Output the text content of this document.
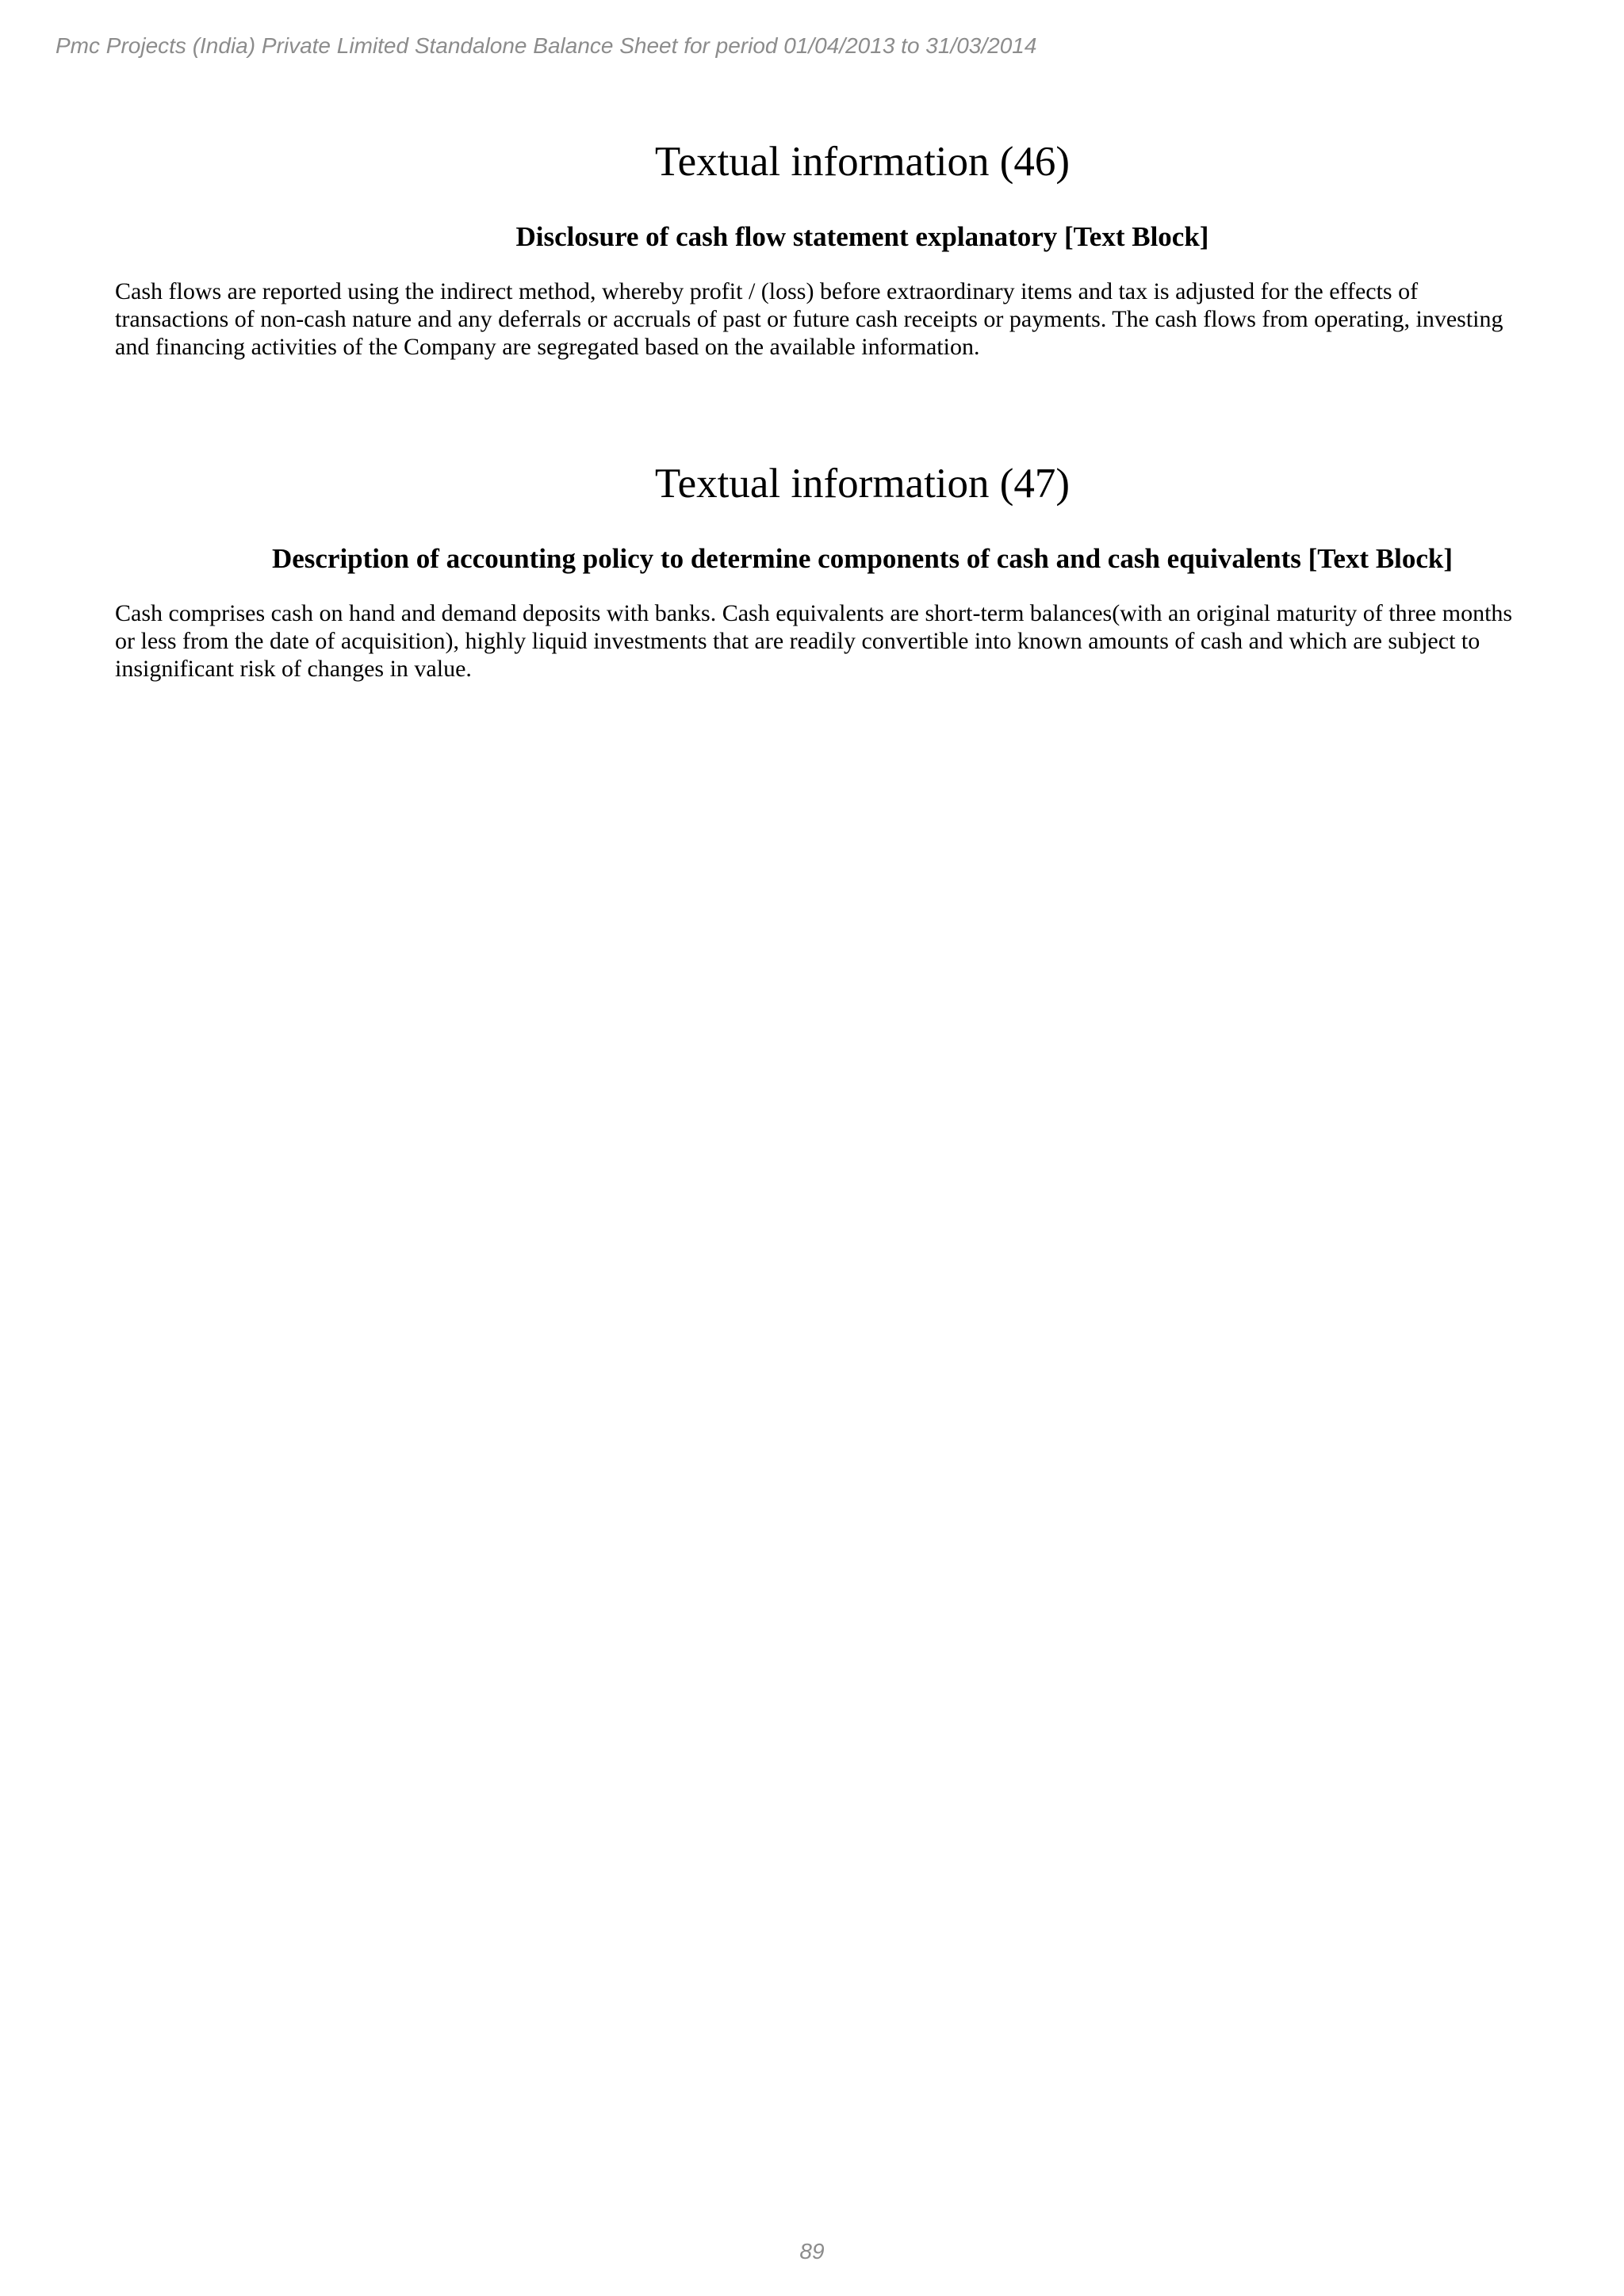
Pmc Projects (India) Private Limited Standalone Balance Sheet for period 01/04/2013 to 31/03/2014

Textual information (46)
Disclosure of cash flow statement explanatory [Text Block]

Cash flows are reported using the indirect method, whereby profit / (loss) before extraordinary items and tax is adjusted for the effects of transactions of non-cash nature and any deferrals or accruals of past or future cash receipts or payments. The cash flows from operating, investing and financing activities of the Company are segregated based on the available information.

Textual information (47)
Description of accounting policy to determine components of cash and cash equivalents [Text Block]

Cash comprises cash on hand and demand deposits with banks. Cash equivalents are short-term balances(with an original maturity of three months or less from the date of acquisition), highly liquid investments that are readily convertible into known amounts of cash and which are subject to insignificant risk of changes in value.

89
